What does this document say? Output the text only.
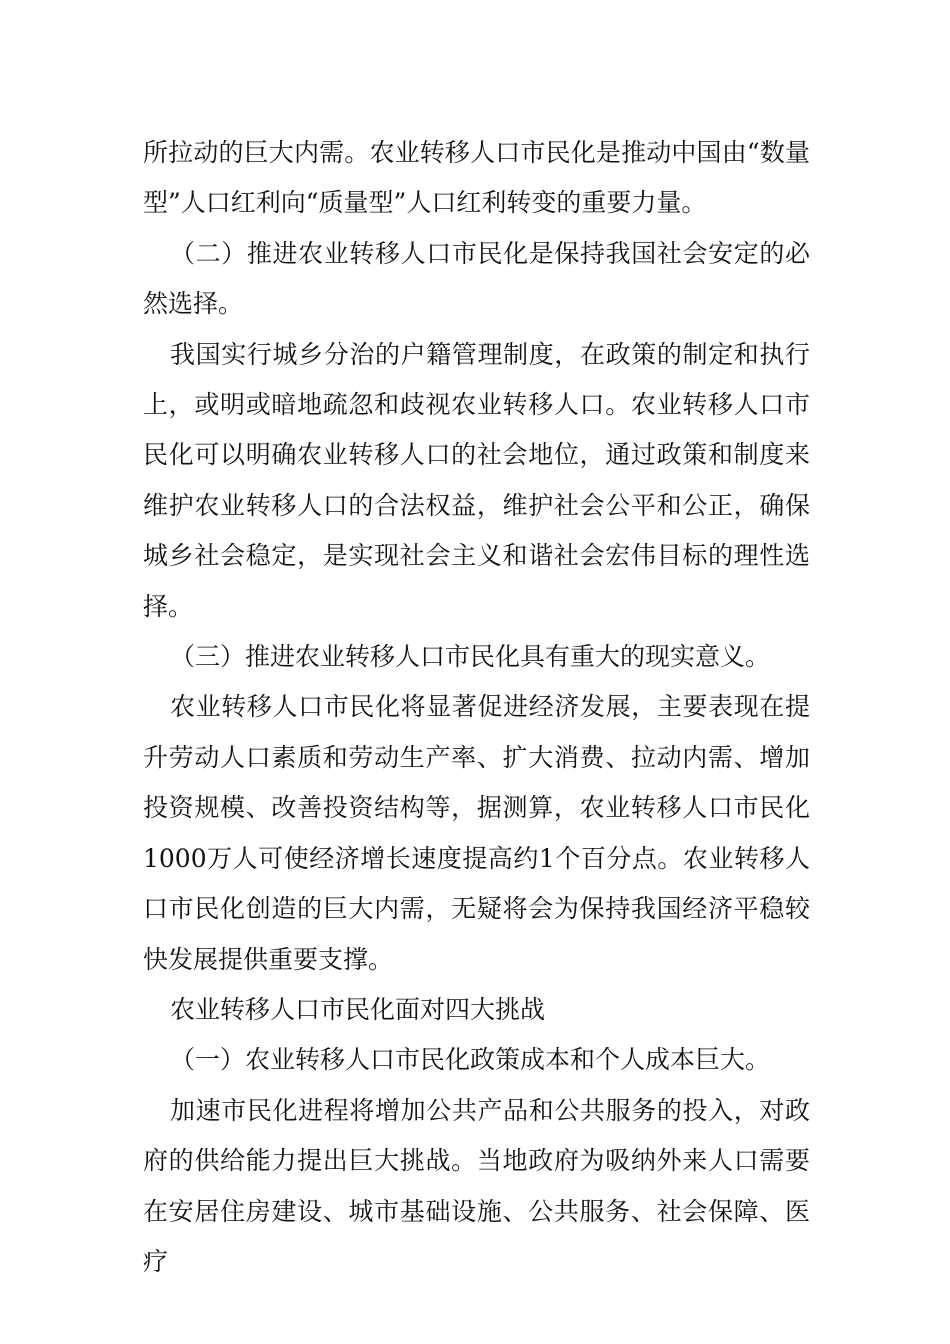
所拉动的巨大内需。农业转移人口市民化是推动中国由“数量型”人口红利向“质量型”人口红利转变的重要力量。

（二）推进农业转移人口市民化是保持我国社会安定的必然选择。

我国实行城乡分治的户籍管理制度，在政策的制定和执行上，或明或暗地疏忽和歧视农业转移人口。农业转移人口市民化可以明确农业转移人口的社会地位，通过政策和制度来维护农业转移人口的合法权益，维护社会公平和公正，确保城乡社会稳定，是实现社会主义和谐社会宏伟目标的理性选择。

（三）推进农业转移人口市民化具有重大的现实意义。

农业转移人口市民化将显著促进经济发展，主要表现在提升劳动人口素质和劳动生产率、扩大消费、拉动内需、增加投资规模、改善投资结构等，据测算，农业转移人口市民化1000万人可使经济增长速度提高约1个百分点。农业转移人口市民化创造的巨大内需，无疑将会为保持我国经济平稳较快发展提供重要支撑。

农业转移人口市民化面对四大挑战

（一）农业转移人口市民化政策成本和个人成本巨大。

加速市民化进程将增加公共产品和公共服务的投入，对政府的供给能力提出巨大挑战。当地政府为吸纳外来人口需要在安居住房建设、城市基础设施、公共服务、社会保障、医疗
